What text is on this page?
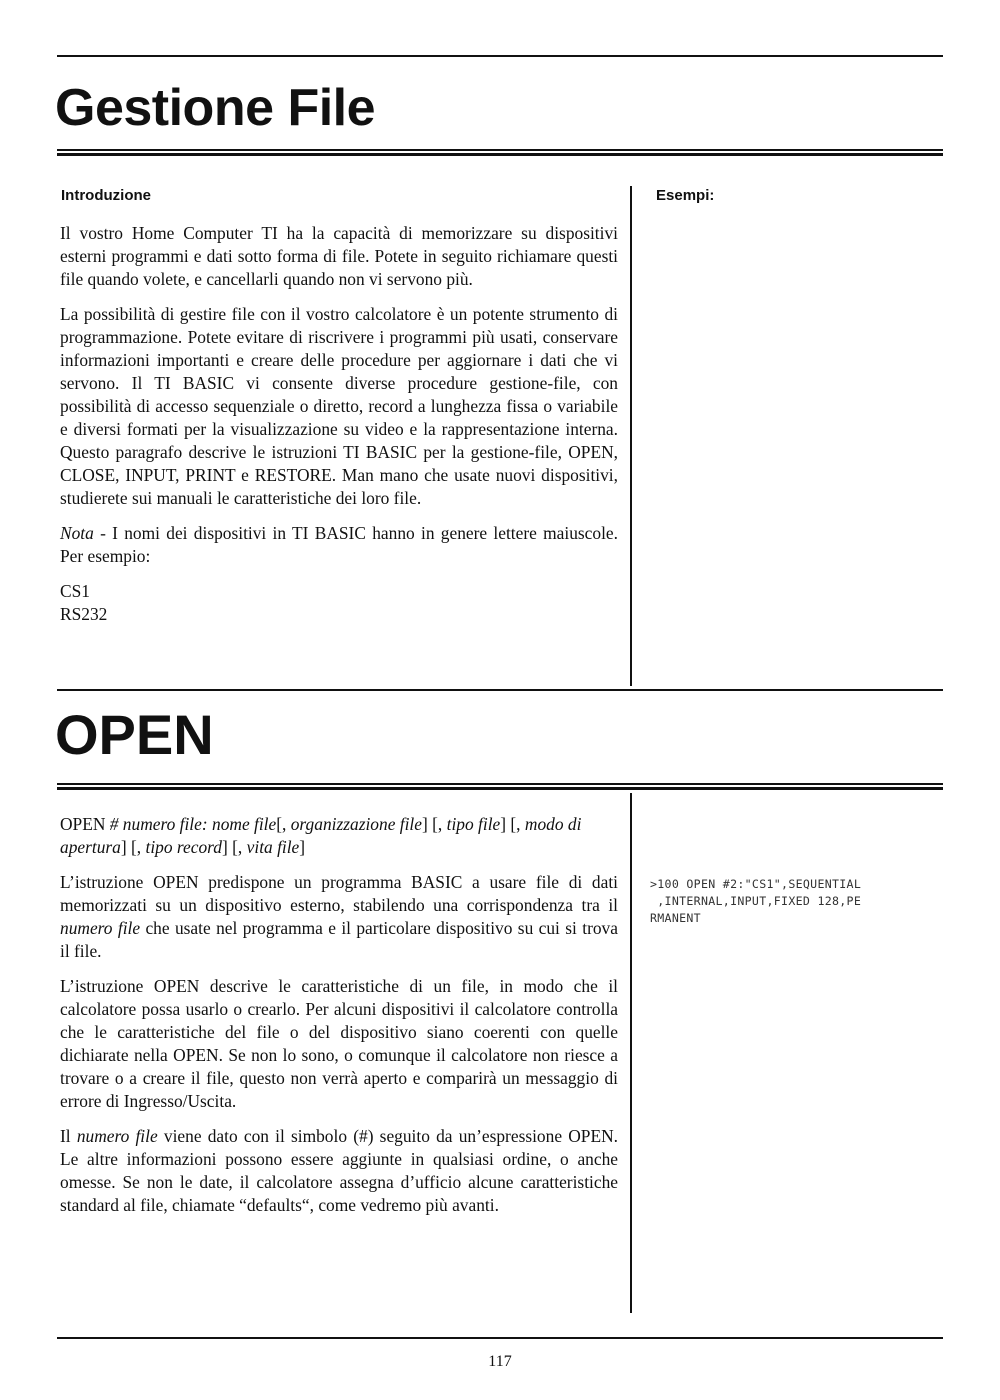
Gestione File
Introduzione	Esempi:

Il vostro Home Computer TI ha la capacità di memorizzare su dispositivi esterni programmi e dati sotto forma di file. Potete in seguito richiamare questi file quando volete, e cancellarli quando non vi servono più.

La possibilità di gestire file con il vostro calcolatore è un potente strumento di programmazione. Potete evitare di riscrivere i programmi più usati, conservare informazioni importanti e creare delle procedure per aggiornare i dati che vi servono. Il TI BASIC vi consente diverse procedure gestione-file, con possibilità di accesso sequenziale o diretto, record a lunghezza fissa o variabile e diversi formati per la visualizzazione su video e la rappresentazione interna. Questo paragrafo descrive le istruzioni TI BASIC per la gestione-file, OPEN, CLOSE, INPUT, PRINT e RESTORE. Man mano che usate nuovi dispositivi, studierete sui manuali le caratteristiche dei loro file.

Nota - I nomi dei dispositivi in TI BASIC hanno in genere lettere maiuscole. Per esempio:

CS1
RS232
OPEN

OPEN # numero file: nome file[, organizzazione file] [, tipo file] [, modo di apertura] [, tipo record] [, vita file]

L’istruzione OPEN predispone un programma BASIC a usare file di dati memorizzati su un dispositivo esterno, stabilendo una corrispondenza tra il numero file che usate nel programma e il particolare dispositivo su cui si trova il file.

L’istruzione OPEN descrive le caratteristiche di un file, in modo che il calcolatore possa usarlo o crearlo. Per alcuni dispositivi il calcolatore controlla che le caratteristiche del file o del dispositivo siano coerenti con quelle dichiarate nella OPEN. Se non lo sono, o comunque il calcolatore non riesce a trovare o a creare il file, questo non verrà aperto e comparirà un messaggio di errore di Ingresso/Uscita.

Il numero file viene dato con il simbolo (#) seguito da un’espressione OPEN. Le altre informazioni possono essere aggiunte in qualsiasi ordine, o anche omesse. Se non le date, il calcolatore assegna d’ufficio alcune caratteristiche standard al file, chiamate “defaults“, come vedremo più avanti.

>100 OPEN #2:"CS1",SEQUENTIAL
,INTERNAL,INPUT,FIXED 128,PE
RMANENT
117
